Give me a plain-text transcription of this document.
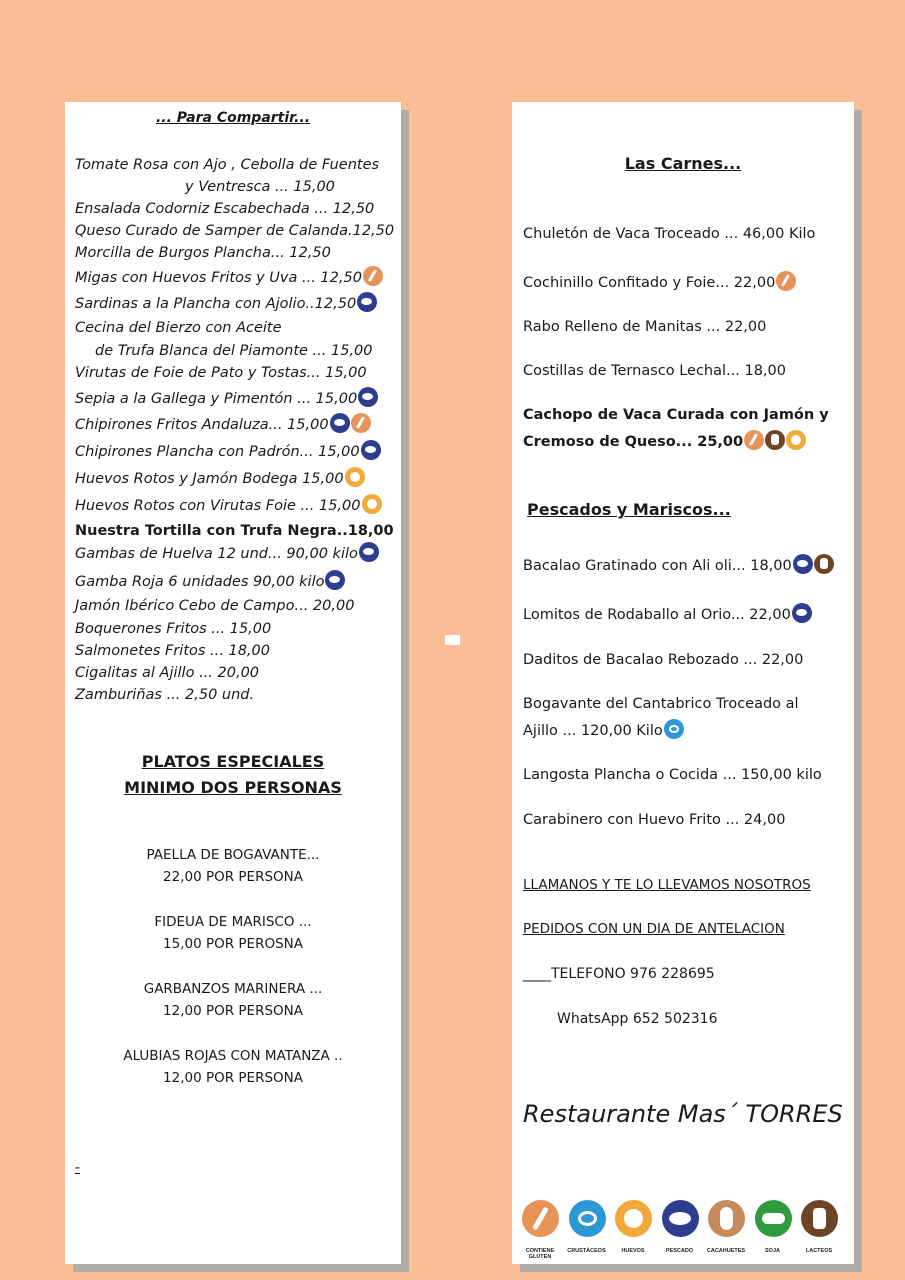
... Para Compartir...
Tomate Rosa con Ajo , Cebolla de Fuentes
y Ventresca ... 15,00
Ensalada Codorniz Escabechada ... 12,50
Queso Curado de Samper de Calanda.12,50
Morcilla de Burgos Plancha... 12,50
Migas con Huevos Fritos y Uva ... 12,50
Sardinas a la Plancha con Ajolio..12,50
Cecina del Bierzo con Aceite
de Trufa Blanca del Piamonte ... 15,00
Virutas de Foie de Pato y Tostas... 15,00
Sepia a la Gallega y Pimentón ... 15,00
Chipirones Fritos Andaluza... 15,00
Chipirones Plancha con Padrón... 15,00
Huevos Rotos y Jamón Bodega 15,00
Huevos Rotos con Virutas Foie ... 15,00
Nuestra Tortilla con Trufa Negra..18,00
Gambas de Huelva 12 und... 90,00 kilo
Gamba Roja 6 unidades 90,00 kilo
Jamón Ibérico Cebo de Campo... 20,00
Boquerones Fritos ... 15,00
Salmonetes Fritos ... 18,00
Cigalitas al Ajillo ... 20,00
Zamburiñas ... 2,50 und.
PLATOS ESPECIALES
MINIMO DOS PERSONAS
PAELLA DE BOGAVANTE...
22,00 POR PERSONA
FIDEUA DE MARISCO ...
15,00 POR PEROSNA
GARBANZOS MARINERA ...
12,00 POR PERSONA
ALUBIAS ROJAS CON MATANZA ..
12,00 POR PERSONA
-
Las Carnes...
Chuletón de Vaca Troceado ... 46,00 Kilo
Cochinillo Confitado y Foie... 22,00
Rabo Relleno de Manitas ... 22,00
Costillas de Ternasco Lechal... 18,00
Cachopo de Vaca Curada con Jamón y
Cremoso de Queso... 25,00
Pescados y Mariscos...
Bacalao Gratinado con Ali oli... 18,00
Lomitos de Rodaballo al Orio... 22,00
Daditos de Bacalao Rebozado ... 22,00
Bogavante del Cantabrico Troceado al
Ajillo ... 120,00 Kilo
Langosta Plancha o Cocida ... 150,00 kilo
Carabinero con Huevo Frito ... 24,00
LLAMANOS Y TE LO LLEVAMOS NOSOTROS
PEDIDOS CON UN DIA DE ANTELACION
____TELEFONO 976 228695
WhatsApp 652 502316
Restaurante Mas´ TORRES
CONTIENE GLUTEN
CRUSTÁCEOS	HUEVOS	PESCADO	CACAHUETES	SOJA	LACTEOS
